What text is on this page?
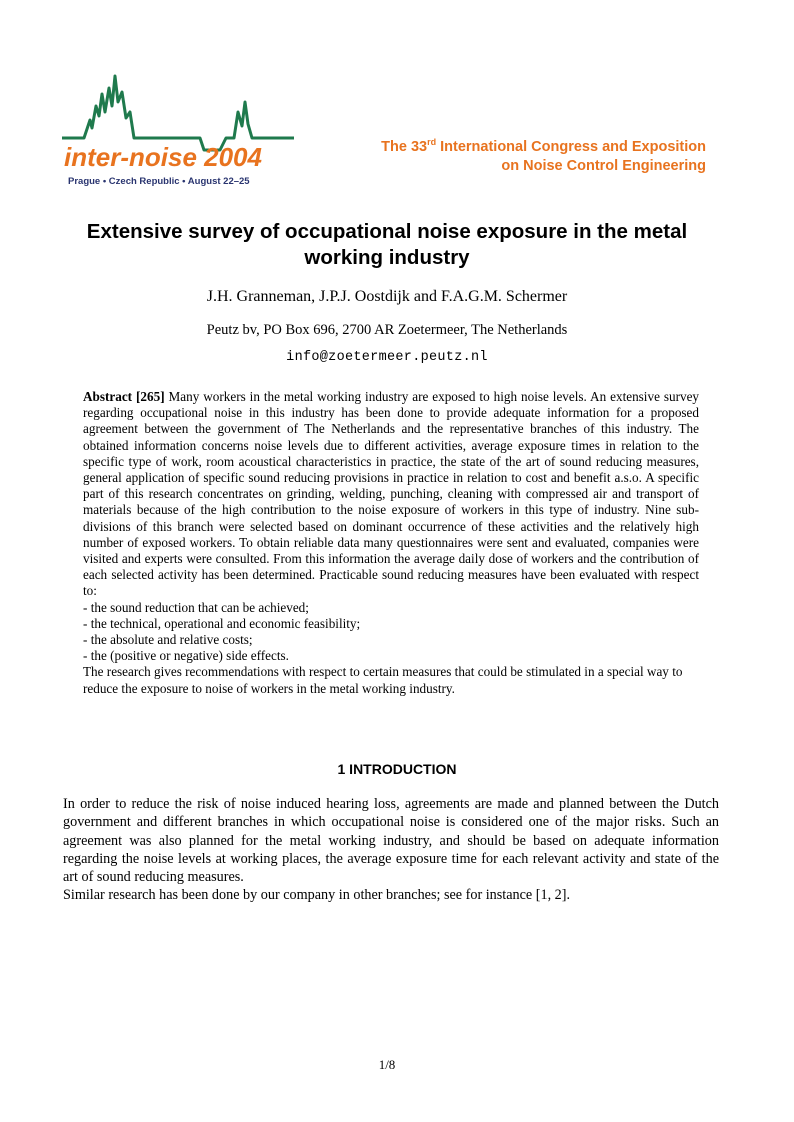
inter-noise 2004
Prague • Czech Republic • August 22–25
The 33rd International Congress and Exposition
on Noise Control Engineering
Extensive survey of occupational noise exposure in the metal working industry
J.H. Granneman, J.P.J. Oostdijk and F.A.G.M. Schermer
Peutz bv, PO Box 696, 2700 AR Zoetermeer, The Netherlands
info@zoetermeer.peutz.nl

Abstract [265] Many workers in the metal working industry are exposed to high noise levels. An extensive survey regarding occupational noise in this industry has been done to provide adequate information for a proposed agreement between the government of The Netherlands and the representative branches of this industry. The obtained information concerns noise levels due to different activities, average exposure times in relation to the specific type of work, room acoustical characteristics in practice, the state of the art of sound reducing measures, general application of specific sound reducing provisions in practice in relation to cost and benefit a.s.o. A specific part of this research concentrates on grinding, welding, punching, cleaning with compressed air and transport of materials because of the high contribution to the noise exposure of workers in this type of industry. Nine sub-divisions of this branch were selected based on dominant occurrence of these activities and the relatively high number of exposed workers. To obtain reliable data many questionnaires were sent and evaluated, companies were visited and experts were consulted. From this information the average daily dose of workers and the contribution of each selected activity has been determined. Practicable sound reducing measures have been evaluated with respect to:

- the sound reduction that can be achieved;

- the technical, operational and economic feasibility;

- the absolute and relative costs;

- the (positive or negative) side effects.

The research gives recommendations with respect to certain measures that could be stimulated in a special way to reduce the exposure to noise of workers in the metal working industry.

1 INTRODUCTION

In order to reduce the risk of noise induced hearing loss, agreements are made and planned between the Dutch government and different branches in which occupational noise is considered one of the major risks. Such an agreement was also planned for the metal working industry, and should be based on adequate information regarding the noise levels at working places, the average exposure time for each relevant activity and state of the art of sound reducing measures.

Similar research has been done by our company in other branches; see for instance [1, 2].

1/8
